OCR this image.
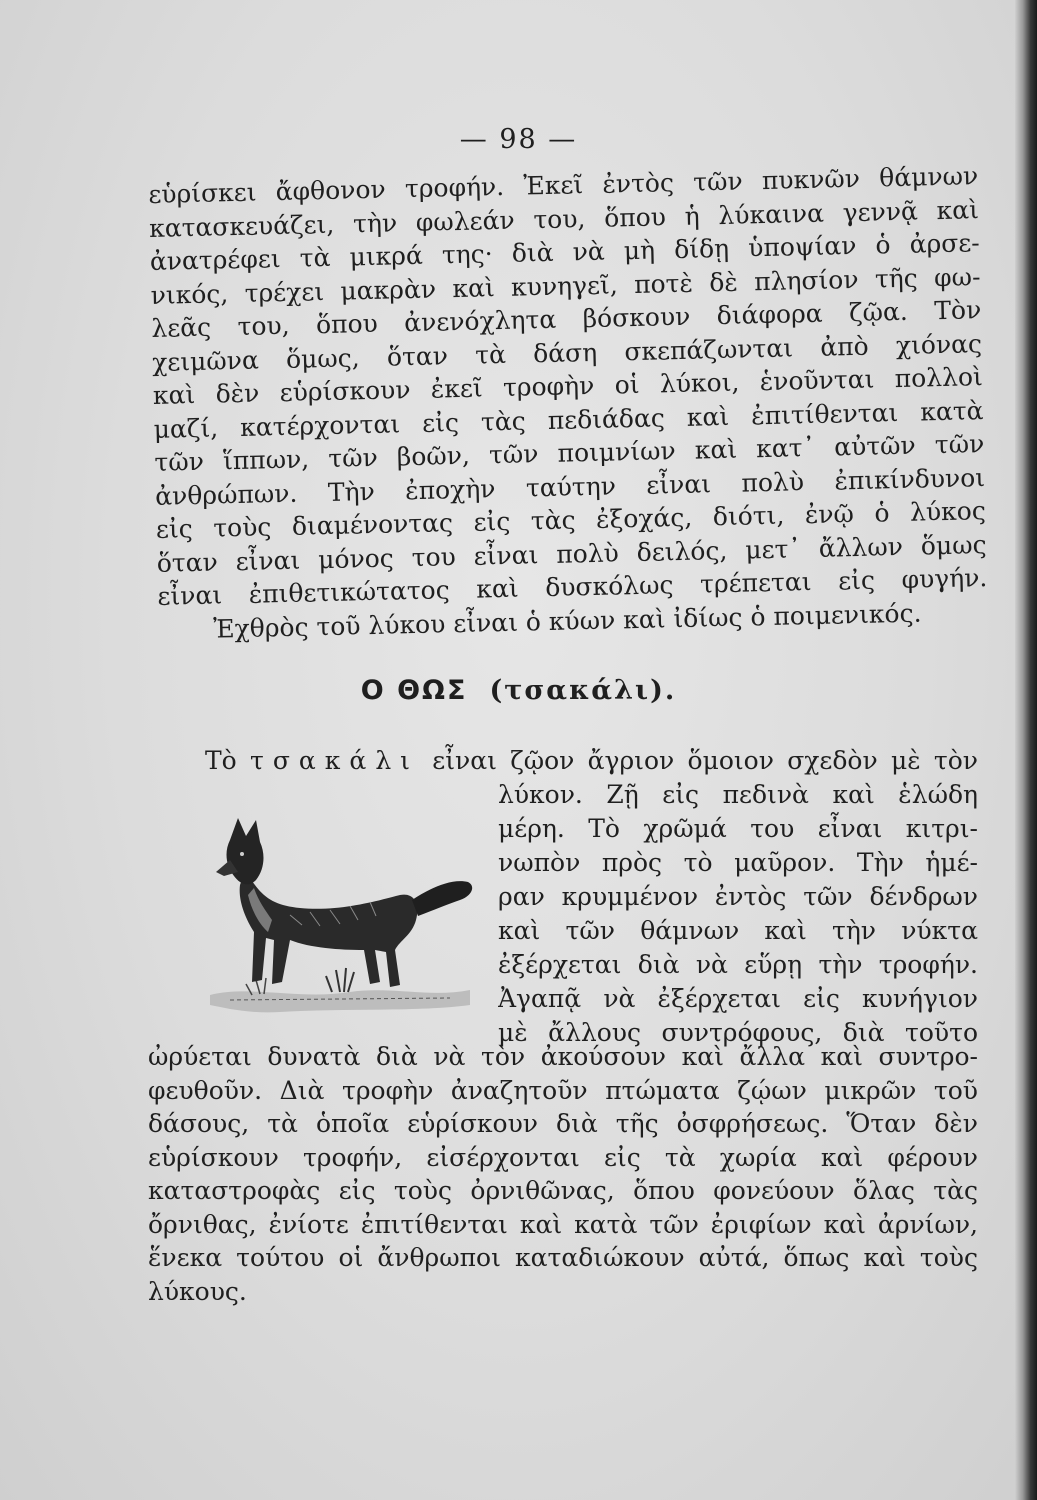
— 98 —
εὑρίσκει ἄφθονον τροφήν. Ἐκεῖ ἐντὸς τῶν πυκνῶν θάμνων
κατασκευάζει, τὴν φωλεάν του, ὅπου ἡ λύκαινα γεννᾷ καὶ
ἀνατρέφει τὰ μικρά της· διὰ νὰ μὴ δίδῃ ὑποψίαν ὁ ἀρσε-
νικός, τρέχει μακρὰν καὶ κυνηγεῖ, ποτὲ δὲ πλησίον τῆς φω-
λεᾶς του, ὅπου ἀνενόχλητα βόσκουν διάφορα ζῷα. Τὸν
χειμῶνα ὅμως, ὅταν τὰ δάση σκεπάζωνται ἀπὸ χιόνας
καὶ δὲν εὑρίσκουν ἐκεῖ τροφὴν οἱ λύκοι, ἑνοῦνται πολλοὶ
μαζί, κατέρχονται εἰς τὰς πεδιάδας καὶ ἐπιτίθενται κατὰ
τῶν ἵππων, τῶν βοῶν, τῶν ποιμνίων καὶ κατ᾽ αὐτῶν τῶν
ἀνθρώπων. Τὴν ἐποχὴν ταύτην εἶναι πολὺ ἐπικίνδυνοι
εἰς τοὺς διαμένοντας εἰς τὰς ἐξοχάς, διότι, ἐνῷ ὁ λύκος
ὅταν εἶναι μόνος του εἶναι πολὺ δειλός, μετ᾽ ἄλλων ὅμως
εἶναι ἐπιθετικώτατος καὶ δυσκόλως τρέπεται εἰς φυγήν.
Ἐχθρὸς τοῦ λύκου εἶναι ὁ κύων καὶ ἰδίως ὁ ποιμενικός.
Ο ΘΩΣ (τσακάλι).
Τὸ τσακάλι εἶναι ζῷον ἄγριον ὅμοιον σχεδὸν μὲ τὸν
λύκον. Ζῇ εἰς πεδινὰ καὶ ἑλώδη
μέρη. Τὸ χρῶμά του εἶναι κιτρι-
νωπὸν πρὸς τὸ μαῦρον. Τὴν ἡμέ-
ραν κρυμμένον ἐντὸς τῶν δένδρων
καὶ τῶν θάμνων καὶ τὴν νύκτα
ἐξέρχεται διὰ νὰ εὕρῃ τὴν τροφήν.
Ἀγαπᾷ νὰ ἐξέρχεται εἰς κυνήγιον
μὲ ἄλλους συντρόφους, διὰ τοῦτο
ὠρύεται δυνατὰ διὰ νὰ τὸν ἀκούσουν καὶ ἄλλα καὶ συντρο-
φευθοῦν. Διὰ τροφὴν ἀναζητοῦν πτώματα ζῴων μικρῶν τοῦ
δάσους, τὰ ὁποῖα εὑρίσκουν διὰ τῆς ὀσφρήσεως. Ὅταν δὲν
εὑρίσκουν τροφήν, εἰσέρχονται εἰς τὰ χωρία καὶ φέρουν
καταστροφὰς εἰς τοὺς ὀρνιθῶνας, ὅπου φονεύουν ὅλας τὰς
ὄρνιθας, ἐνίοτε ἐπιτίθενται καὶ κατὰ τῶν ἐριφίων καὶ ἀρνίων,
ἕνεκα τούτου οἱ ἄνθρωποι καταδιώκουν αὐτά, ὅπως καὶ τοὺς
λύκους.
